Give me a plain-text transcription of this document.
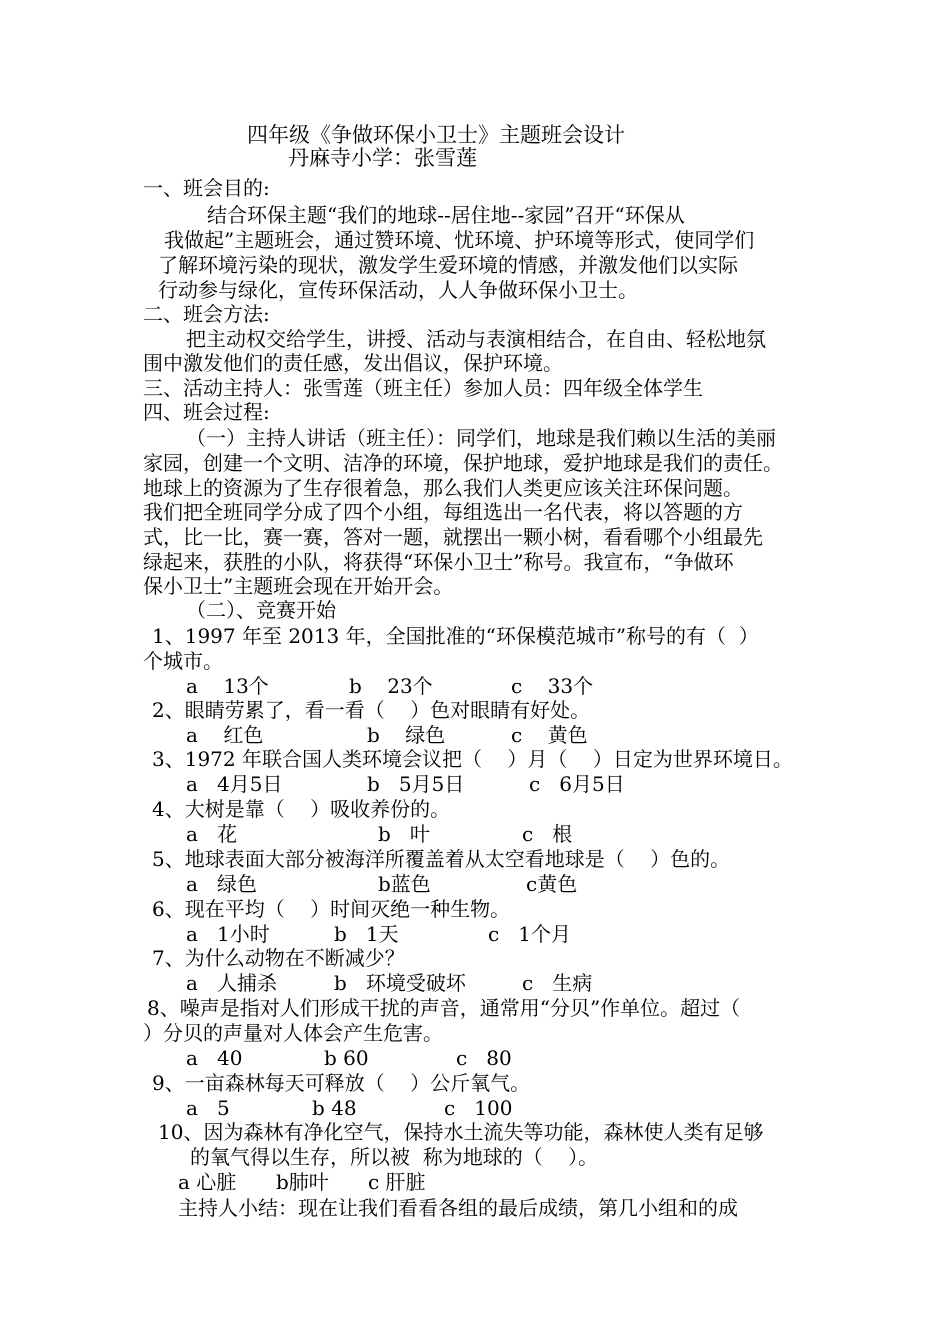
四年级《争做环保小卫士》主题班会设计
丹麻寺小学：张雪莲
一、班会目的:
结合环保主题“我们的地球--居住地--家园”召开“环保从
我做起”主题班会，通过赞环境、忧环境、护环境等形式，使同学们
了解环境污染的现状，激发学生爱环境的情感，并激发他们以实际
行动参与绿化，宣传环保活动，人人争做环保小卫士。
二、班会方法:
把主动权交给学生，讲授、活动与表演相结合，在自由、轻松地氛
围中激发他们的责任感，发出倡议，保护环境。
三、活动主持人：张雪莲（班主任）参加人员：四年级全体学生
四、班会过程:
（一）主持人讲话（班主任）：同学们，地球是我们赖以生活的美丽
家园，创建一个文明、洁净的环境，保护地球，爱护地球是我们的责任。
地球上的资源为了生存很着急，那么我们人类更应该关注环保问题。
我们把全班同学分成了四个小组，每组选出一名代表，将以答题的方
式，比一比，赛一赛，答对一题，就摆出一颗小树，看看哪个小组最先
绿起来，获胜的小队，将获得“环保小卫士”称号。我宣布，“争做环
保小卫士”主题班会现在开始开会。
（二）、竞赛开始
1、1997 年至 2013 年，全国批准的“环保模范城市”称号的有（  ）
个城市。
a    13个	b    23个	c    33个
2、眼睛劳累了，看一看（    ）色对眼睛有好处。
a    红色	b    绿色	c    黄色
3、1972 年联合国人类环境会议把（    ）月（    ）日定为世界环境日。
a   4月5日	b   5月5日	c   6月5日
4、大树是靠（    ）吸收养份的。
a   花	b   叶	c   根
5、地球表面大部分被海洋所覆盖着从太空看地球是（    ）色的。
a   绿色	b蓝色	c黄色
6、现在平均（    ）时间灭绝一种生物。
a   1小时	b   1天	c   1个月
7、为什么动物在不断减少？
a   人捕杀	b   环境受破坏	c   生病
8、噪声是指对人们形成干扰的声音，通常用“分贝”作单位。超过（
）分贝的声量对人体会产生危害。
a   40	b 60	c   80
9、一亩森林每天可释放（    ）公斤氧气。
a   5	b 48	c   100
10、因为森林有净化空气，保持水土流失等功能，森林使人类有足够
的氧气得以生存，所以被  称为地球的（    ）。
a 心脏 b肺叶 c 肝脏
主持人小结：现在让我们看看各组的最后成绩，第几小组和的成
